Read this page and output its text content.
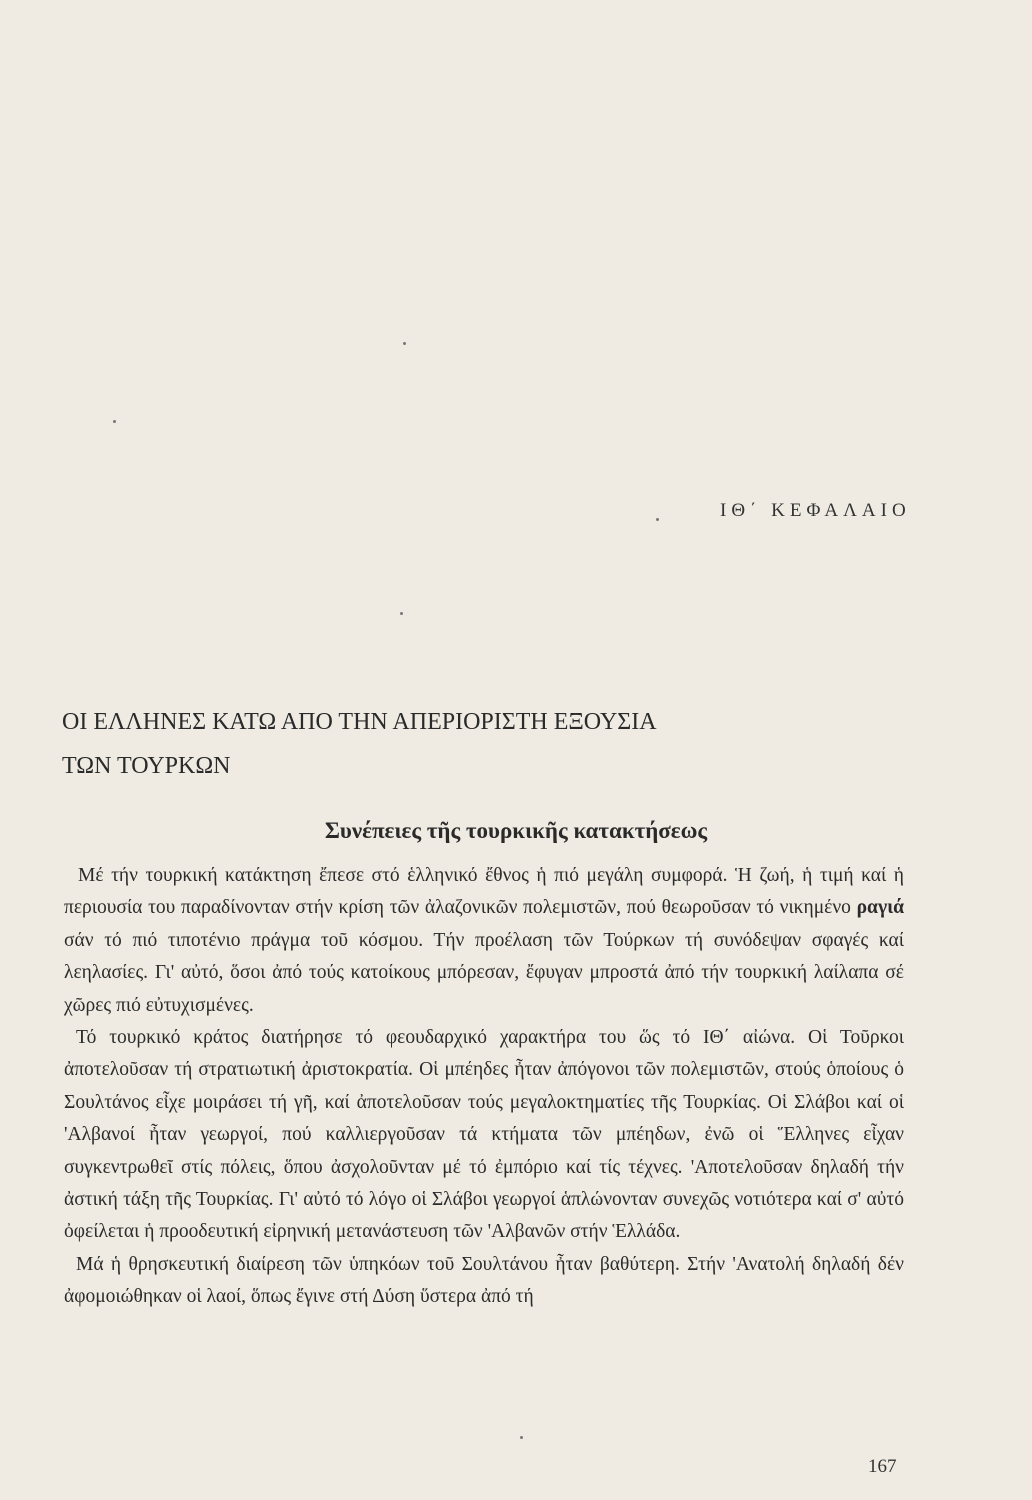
ΙΘ΄ ΚΕΦΑΛΑΙΟ
ΟΙ ΕΛΛΗΝΕΣ ΚΑΤΩ ΑΠΟ ΤΗΝ ΑΠΕΡΙΟΡΙΣΤΗ ΕΞΟΥΣΙΑ
ΤΩΝ ΤΟΥΡΚΩΝ
Συνέπειες τῆς τουρκικῆς κατακτήσεως

Μέ τήν τουρκική κατάκτηση ἔπεσε στό ἑλληνικό ἔθνος ἡ πιό μεγάλη συμφορά. Ἡ ζωή, ἡ τιμή καί ἡ περιουσία του παραδίνονταν στήν κρίση τῶν ἀλαζονικῶν πολεμιστῶν, πού θεωροῦσαν τό νικημένο ραγιά σάν τό πιό τιποτένιο πράγμα τοῦ κόσμου. Τήν προέλαση τῶν Τούρκων τή συνόδεψαν σφαγές καί λεηλασίες. Γι' αὐτό, ὅσοι ἀπό τούς κατοίκους μπόρεσαν, ἔφυγαν μπροστά ἀπό τήν τουρκική λαίλαπα σέ χῶρες πιό εὐτυχισμένες.

Τό τουρκικό κράτος διατήρησε τό φεουδαρχικό χαρακτήρα του ὥς τό ΙΘ΄ αἰώνα. Οἱ Τοῦρκοι ἀποτελοῦσαν τή στρατιωτική ἀριστοκρατία. Οἱ μπέηδες ἦταν ἀπόγονοι τῶν πολεμιστῶν, στούς ὁποίους ὁ Σουλτάνος εἶχε μοιράσει τή γῆ, καί ἀποτελοῦσαν τούς μεγαλοκτηματίες τῆς Τουρκίας. Οἱ Σλάβοι καί οἱ 'Αλβανοί ἦταν γεωργοί, πού καλλιεργοῦσαν τά κτήματα τῶν μπέηδων, ἐνῶ οἱ Ἕλληνες εἶχαν συγκεντρωθεῖ στίς πόλεις, ὅπου ἀσχολοῦνταν μέ τό ἐμπόριο καί τίς τέχνες. 'Αποτελοῦσαν δηλαδή τήν ἀστική τάξη τῆς Τουρκίας. Γι' αὐτό τό λόγο οἱ Σλάβοι γεωργοί ἁπλώνονταν συνεχῶς νοτιότερα καί σ' αὐτό ὀφείλεται ἡ προοδευτική εἰρηνική μετανάστευση τῶν 'Αλβανῶν στήν Ἑλλάδα.

Μά ἡ θρησκευτική διαίρεση τῶν ὑπηκόων τοῦ Σουλτάνου ἦταν βαθύτερη. Στήν 'Ανατολή δηλαδή δέν ἀφομοιώθηκαν οἱ λαοί, ὅπως ἔγινε στή Δύση ὕστερα ἀπό τή

167
